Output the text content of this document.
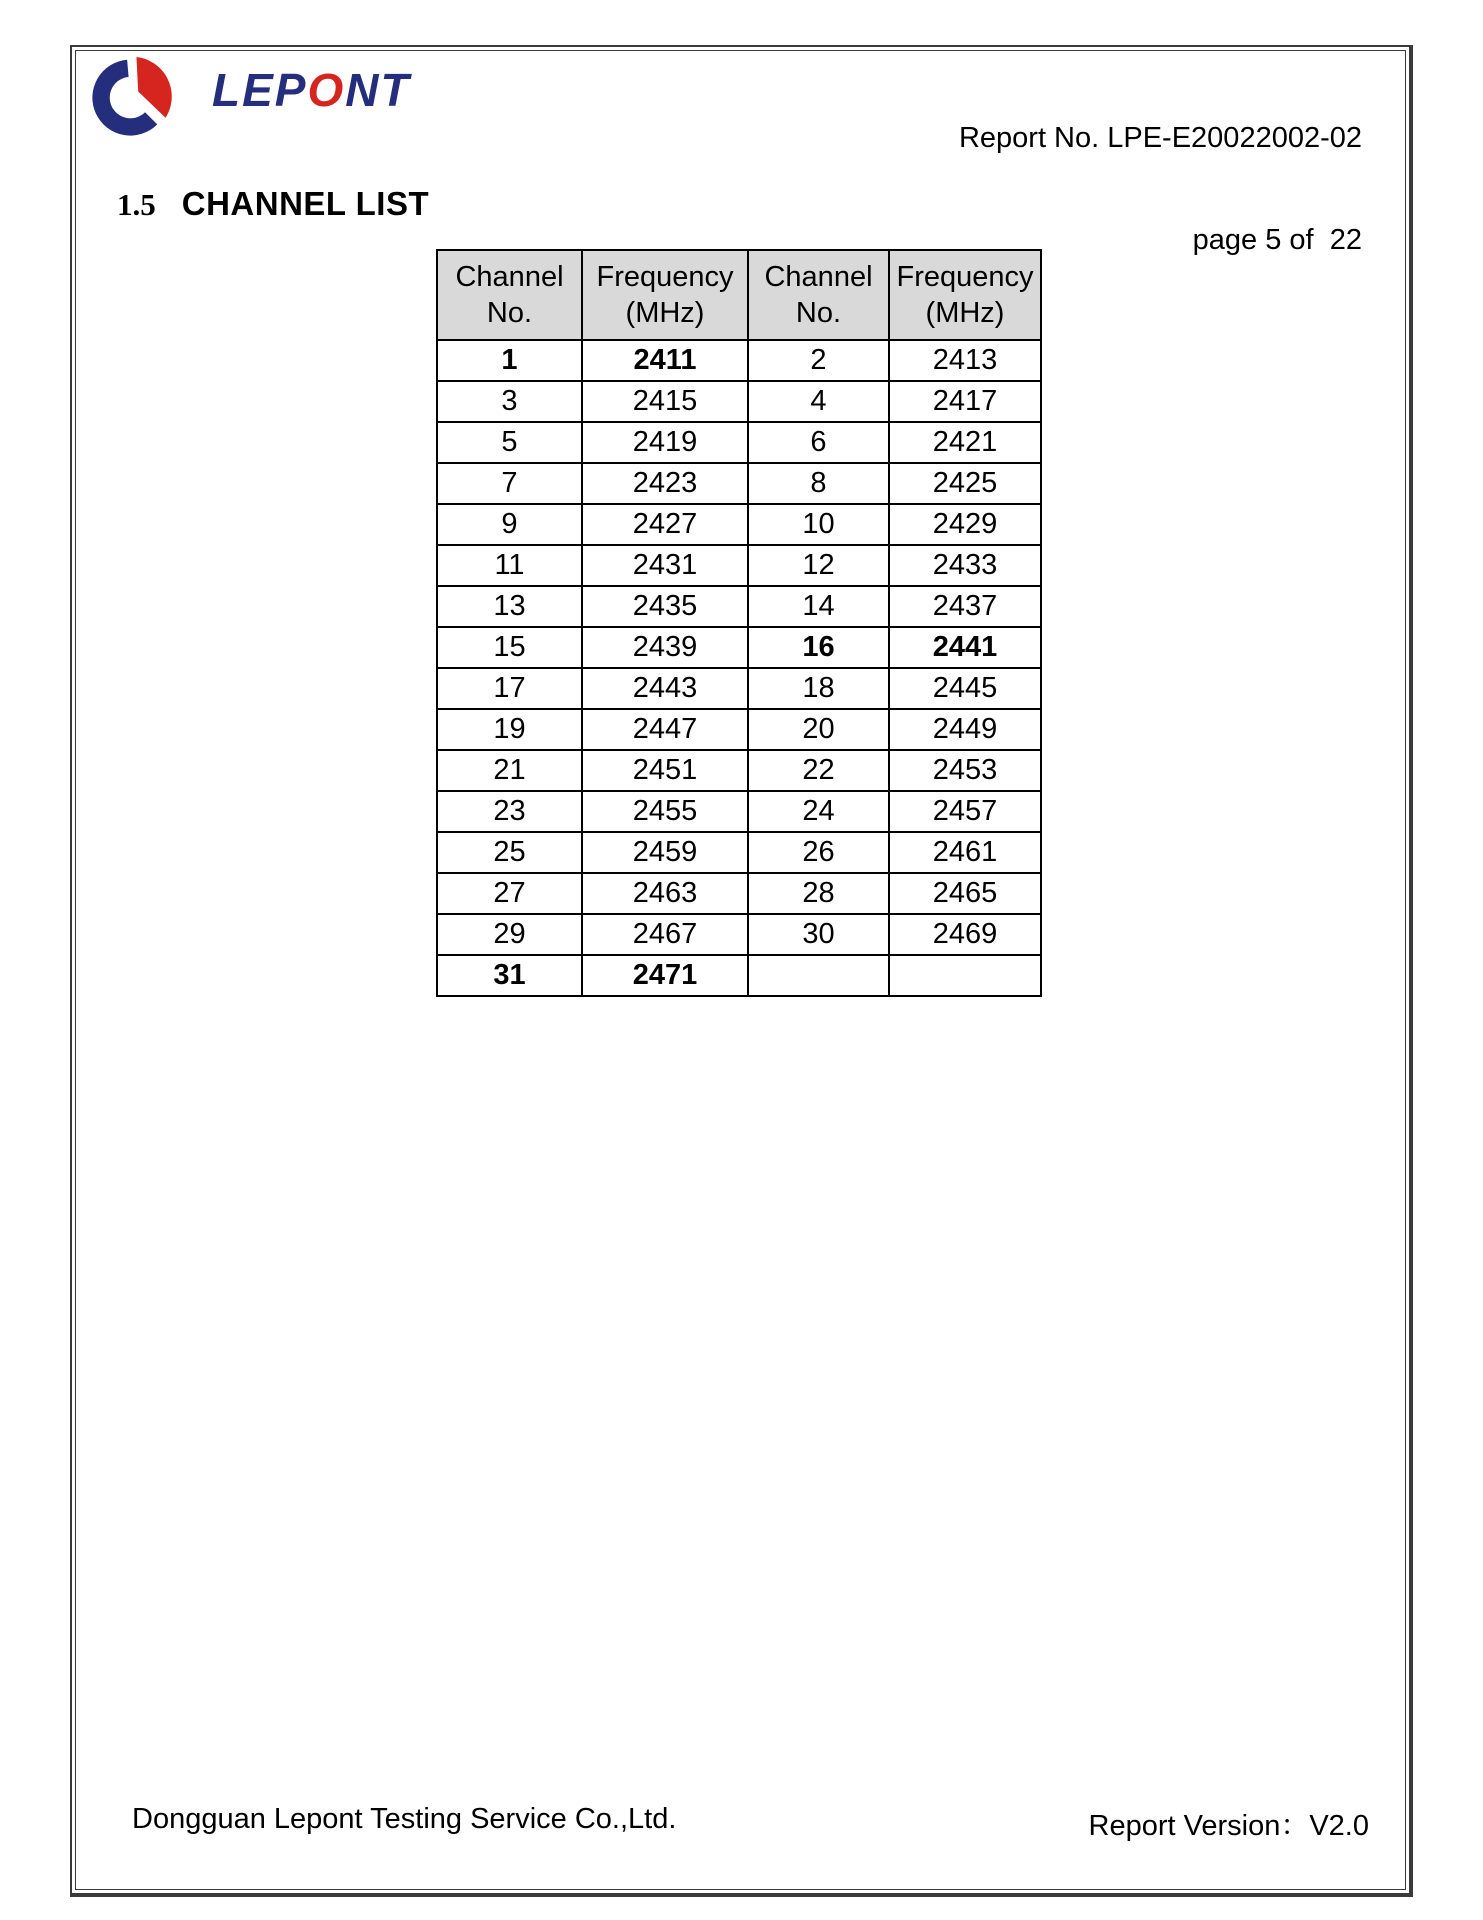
LEPONT

Report No. LPE-E20022002-02

page 5 of  22

1.5 CHANNEL LIST
Channel No.	Frequency (MHz)	Channel No.	Frequency (MHz)
1	2411	2	2413
3	2415	4	2417
5	2419	6	2421
7	2423	8	2425
9	2427	10	2429
11	2431	12	2433
13	2435	14	2437
15	2439	16	2441
17	2443	18	2445
19	2447	20	2449
21	2451	22	2453
23	2455	24	2457
25	2459	26	2461
27	2463	28	2465
29	2467	30	2469
31	2471		
Dongguan Lepont Testing Service Co.,Ltd.	Report Version：V2.0
